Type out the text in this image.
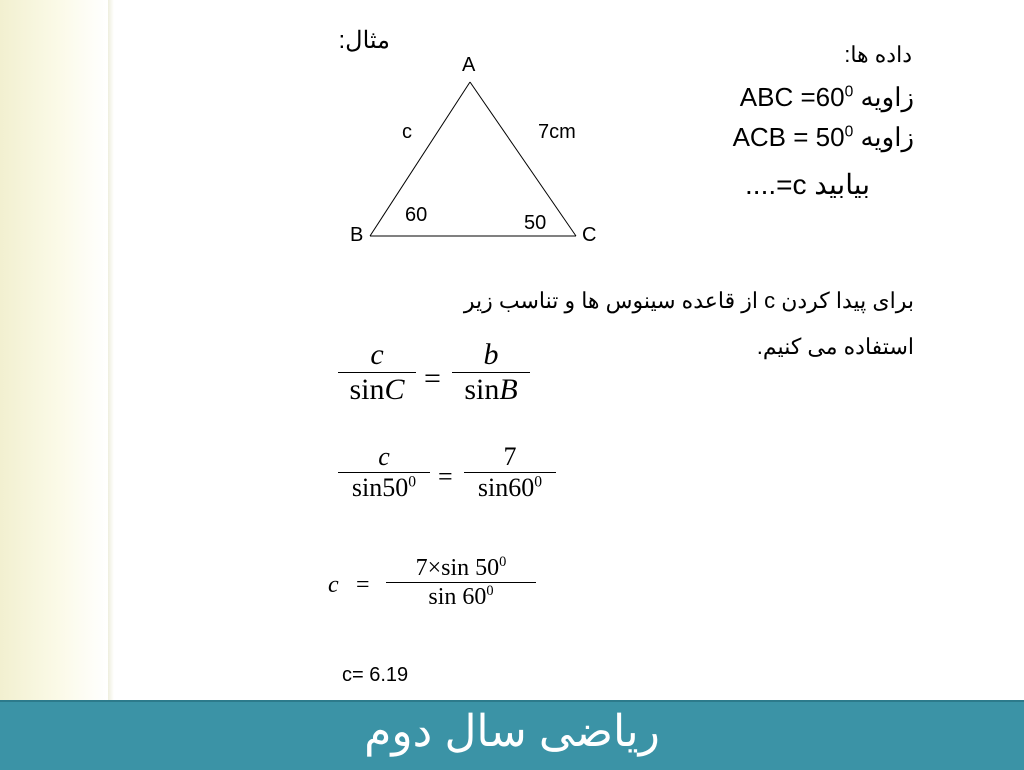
مثال:
A
B	C
c	7cm
60	50
داده ها:
زاویه ABC $=60^0$
زاویه ACB = $50^0$
بیابید c=....
برای پیدا کردن c از قاعده سینوس ها و تناسب زیر
استفاده می کنیم.
c
sinC =
b
sinB
c
$\sin 50^0$ =
7
$\sin 60^0$
c =
7×sin $50^0$
$\sin 60^0$
c= 6.19
ریاضی سال دوم
